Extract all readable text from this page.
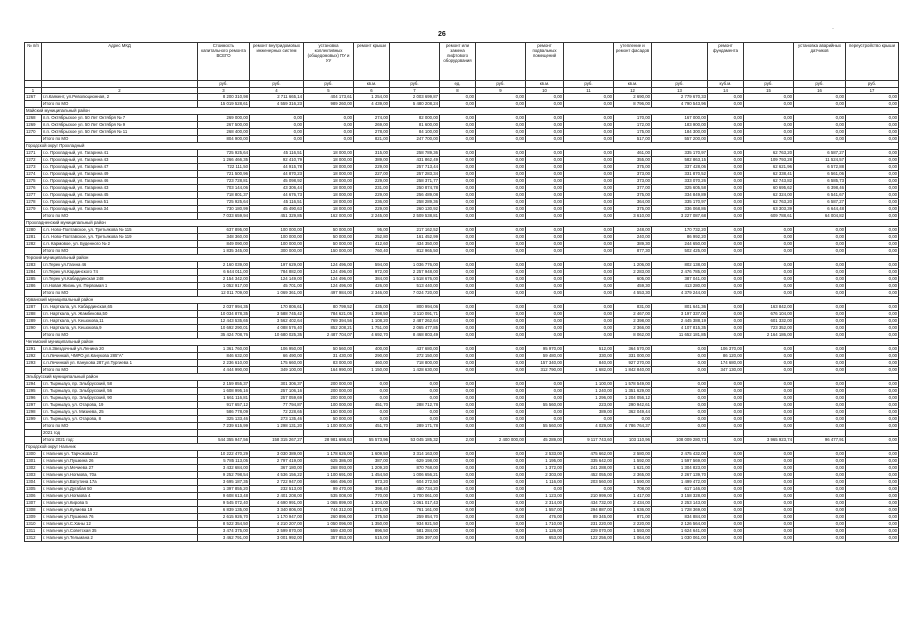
26
·
№ п/п	Адрес МКД	Стоимость капитального ремонта ВСЕГО	ремонт внутридомовых инженерных систем	установка коллективных (общедомовых) ПУ и УУ	ремонт крыши		ремонт или замена лифтового оборудования		ремонт подвальных помещений		утепление и ремонт фасадов		ремонт фундамента		установка аварийных датчиков	переустройство крыши
		руб.	руб.	руб.	кв.м.	руб.	ед.	руб.	кв.м.	руб.	кв.м.	руб.	куб.м.	руб.	руб.	руб.
1	2	3	4	5	6	7	8	9	10	11	12	13	14	15	16	17
1267	г.п.Каякент, ул.Революционная, 2	8 200 310,98	2 711 665,14	404 173,61	1 254,00	2 003 699,87	0,00	0,00	0,00	0,00	2 690,00	2 779 670,33	0,00	0,00	0,00	0,00
	Итого по МО	15 019 528,61	4 559 316,23	989 260,00	4 439,00	5 480 208,24	0,00	0,00	0,00	0,00	8 796,00	4 790 543,96	0,00	0,00	0,00	0,00
Майский муниципальный район																
1268	п.п. Октябрьское ул. 50 Лет Октября № 7	269 000,00	0,00	0,00	274,00	82 000,00	0,00	0,00	0,00	0,00	170,00	167 000,00	0,00	0,00	0,00	0,00
1269	п.п. Октябрьское ул. 50 Лет Октября № 9	267 500,00	0,00	0,00	269,00	81 600,00	0,00	0,00	0,00	0,00	172,00	183 900,00	0,00	0,00	0,00	0,00
1270	п.п. Октябрьское ул. 50 Лет Октября № 11	268 400,00	0,00	0,00	278,00	84 100,00	0,00	0,00	0,00	0,00	175,00	184 300,00	0,00	0,00	0,00	0,00
	Итого по МО	804 900,00	0,00	0,00	821,00	247 700,00	0,00	0,00	0,00	0,00	517,00	557 200,00	0,00	0,00	0,00	0,00
Городской округ Прохладный																
1271	г.о. Прохладный, ул. Гагарина 41	725 925,64	45 116,51	18 000,00	315,00	258 789,36	0,00	0,00	0,00	0,00	461,00	335 170,97	0,00	62 763,20	6 587,27	0,00
1272	г.о. Прохладный, ул. Гагарина 43	1 266 466,35	92 410,79	18 000,00	389,00	431 862,49	0,00	0,00	0,00	0,00	355,00	582 863,15	0,00	109 793,28	11 524,57	0,00
1273	г.о. Прохладный, ул. Гагарина 47	722 111,50	44 915,78	18 000,00	229,00	257 713,44	0,00	0,00	0,00	0,00	375,00	337 428,06	0,00	62 621,96	6 572,88	0,00
1274	г.о. Прохладный, ул. Гагарина 49	721 500,96	44 870,23	18 000,00	227,00	257 283,34	0,00	0,00	0,00	0,00	373,00	331 870,52	0,00	62 338,41	6 561,06	0,00
1275	г.о. Прохладный, ул. Гагарина 46	723 728,81	45 098,92	18 000,00	229,00	258 371,77	0,00	0,00	0,00	0,00	373,00	333 070,26	0,00	62 743,82	6 585,73	0,00
1276	г.о. Прохладный, ул. Гагарина 43	703 144,06	43 306,44	18 000,00	231,00	250 874,78	0,00	0,00	0,00	0,00	377,00	325 605,58	0,00	60 695,62	6 398,46	0,00
1277	г.о. Прохладный, ул. Гагарина 45	718 801,37	44 676,73	18 000,00	229,00	256 489,08	0,00	0,00	0,00	0,00	375,00	334 849,89	0,00	62 324,00	6 541,67	0,00
1278	г.о. Прохладный, ул. Гагарина 51	725 925,64	45 116,51	18 000,00	236,00	258 289,36	0,00	0,00	0,00	0,00	364,00	335 170,97	0,00	62 763,20	6 587,27	0,00
1279	г.о. Прохладный, ул. Гагарина 34	730 180,99	45 490,63	18 000,00	229,00	260 130,92	0,00	0,00	0,00	0,00	375,00	336 068,86	0,00	63 303,39	6 644,48	0,00
	Итого по МО	7 033 659,94	451 329,85	162 000,00	2 245,00	2 509 538,81	0,00	0,00	0,00	0,00	3 610,00	3 227 087,68	0,00	609 788,61	64 004,82	0,00
Прохладненский муниципальный район																
1280	с.п. Ново-Полтавское, ул. Третьякова № 115	637 895,00	100 000,00	50 000,00	95,00	217 162,52	0,00	0,00	0,00	0,00	248,00	170 732,20	0,00	0,00	0,00	0,00
1281	с.п. Ново-Полтавское, ул. Третьякова № 119	348 360,00	100 000,00	50 000,00	252,80	161 452,99	0,00	0,00	0,00	0,00	240,00	86 992,20	0,00	0,00	0,00	0,00
1282	с.п. Кармовое, ул. Буденного № 2	849 090,00	100 000,00	50 000,00	412,60	434 350,00	0,00	0,00	0,00	0,00	389,30	244 650,00	0,00	0,00	0,00	0,00
	Итого по МО	1 835 345,00	300 000,00	150 000,00	760,40	812 965,50	0,00	0,00	0,00	0,00	877,30	502 425,00	0,00	0,00	0,00	0,00
Терский муниципальный район																
1283	г.п.Терек ул.Гагина 46	2 160 039,00	197 629,00	124 496,00	594,00	1 036 776,00	0,00	0,00	0,00	0,00	1 206,00	802 138,00	0,00	0,00	0,00	0,00
1284	г.п.Терек ул.Кардинского 74	6 644 011,00	784 882,00	124 496,00	972,00	2 257 948,00	0,00	0,00	0,00	0,00	2 283,00	2 476 785,00	0,00	0,00	0,00	0,00
1285	г.п.Терек ул.Кабардинская 248	2 154 342,00	124 149,00	124 496,00	384,00	1 518 676,00	0,00	0,00	0,00	0,00	605,00	387 041,00	0,00	0,00	0,00	0,00
1286	г.п.Новая Жизнь ул. Первомая 1	1 052 917,00	45 701,00	124 496,00	426,00	513 440,00	0,00	0,00	0,00	0,00	459,30	413 280,00	0,00	0,00	0,00	0,00
	Итого по МО	12 011 709,00	1 069 361,00	497 984,00	2 346,00	7 024 720,00	0,00	0,00	0,00	0,00	4 553,30	4 379 244,00	0,00	0,00	0,00	0,00
Урванский муниципальный район																
1287	г.п. Нарткала, ул. Кабардинская,65	2 037 994,35	170 806,61	80 799,52	435,00	800 994,06	0,00	0,00	0,00	0,00	831,00	801 641,36	0,00	163 842,00	0,00	0,00
1288	г.п. Нарткала, ул. Жамбекова,50	10 034 878,35	3 588 745,42	784 621,05	1 398,50	3 110 091,71	0,00	0,00	0,00	0,00	2 467,00	3 197 337,00	0,00	676 104,00	0,00	0,00
1289	г.п. Нарткала, ул. Кешокова,11	12 443 535,65	3 562 402,64	769 394,56	1 108,20	2 487 262,64	0,00	0,00	0,00	0,00	2 398,00	2 445 388,19	0,00	601 332,00	0,00	0,00
1290	г.п. Нарткала, ул. Кешокова,9	10 692 290,01	4 088 576,40	852 208,21	1 751,00	2 065 477,85	0,00	0,00	0,00	0,00	2 366,00	4 107 815,35	0,00	723 352,00	0,00	0,00
	Итого по МО	35 424 708,76	10 680 025,35	2 487 704,07	4 692,70	8 468 803,49	0,00	0,00	0,00	0,00	8 062,00	11 652 181,85	0,00	2 164 186,00	0,00	0,00
Чегемский муниципальный район																
1291	г.п.п.Звездочный ул.Ленина 20	1 361 760,00	106 950,00	50 560,00	400,00	437 680,00	0,00	0,00	95 970,00	512,00	364 570,00	0,00	106 370,00	0,00	0,00	0,00
1292	с.п.Лечинкай, ЧМРО,ул.Кануковa 285"А"	846 632,00	66 490,00	31 430,00	290,00	272 150,00	0,00	0,00	59 480,00	330,00	331 000,00	0,00	86 120,00	0,00	0,00	0,00
1293	с.п.Лечинкай ул. Кануковa 287,ул.Тургиева 1	2 236 610,00	175 660,00	83 000,00	460,00	718 800,00	0,00	0,00	157 340,00	840,00	927 270,00	0,00	174 680,00	0,00	0,00	0,00
	Итого по МО	4 444 990,00	349 100,00	164 990,00	1 150,00	1 428 630,00	0,00	0,00	312 790,00	1 682,00	1 842 840,00	0,00	347 130,00	0,00	0,00	0,00
Эльбрусский муниципальный район																
1294	г.п. Тырныауз, пр. Эльбрусский, 58	2 159 855,37	301 306,37	200 000,00	0,00	0,00	0,00	0,00	0,00	1 100,00	1 578 549,00	0,00	0,00	0,00	0,00	0,00
1295	г.п. Тырныауз, пр. Эльбрусский, 56	1 608 995,16	257 106,16	200 000,00	0,00	0,00	0,00	0,00	0,00	1 240,00	1 351 629,00	0,00	0,00	0,00	0,00	0,00
1296	г.п. Тырныауз, пр. Эльбрусский, 90	1 661 116,81	257 059,69	200 000,00	0,00	0,00	0,00	0,00	0,00	1 296,00	1 204 056,12	0,00	0,00	0,00	0,00	0,00
1297	г.п. Тырныауз, ул. Отарова, 19	917 657,12	77 794,87	100 000,00	451,70	288 712,78	0,00	0,00	55 560,00	223,00	290 942,61	0,00	0,00	0,00	0,00	0,00
1298	г.п. Тырныауз, ул. Мизиева, 25	586 778,09	72 228,65	150 000,00	0,00	0,00	0,00	0,00	0,00	389,00	362 049,44	0,00	0,00	0,00	0,00	0,00
1299	г.п. Тырныауз, ул. Отарова, 8	325 133,46	273 135,46	50 000,00	0,00	0,00	0,00	0,00	0,00	0,00	0,00	0,00	0,00	0,00	0,00	0,00
	Итого по МО	7 239 615,99	1 298 131,20	1 100 000,00	451,70	289 171,78	0,00	0,00	55 560,00	4 029,00	4 786 764,37	0,00	0,00	0,00	0,00	0,00
	2021 год															
	Итого 2021 год:	544 355 947,56	158 315 267,27	28 981 698,63	55 573,96	53 045 185,32	2,00	2 400 000,00	45 289,00	9 117 743,60	103 110,96	108 009 280,73	0,00	3 965 923,74	96 477,91	0,00
Городской округ Нальчик																
1300	г. Нальчик ул. Тарчокова 22	10 222 470,29	3 030 389,00	1 178 626,00	1 609,50	3 314 163,00	0,00	0,00	2 533,00	475 662,00	2 580,00	2 475 432,00	0,00	0,00	0,00	0,00
1301	г. Нальчик ул.Пушкина 26	5 785 113,05	2 797 419,00	625 386,00	387,00	629 198,00	0,00	0,00	1 195,00	335 642,00	1 592,00	1 597 569,00	0,00	0,00	0,00	0,00
1302	г. Нальчик ул.Мечиева 27	3 432 684,00	367 180,00	268 093,00	1 209,20	870 768,00	0,00	0,00	1 372,00	241 288,00	1 621,00	1 304 823,00	0,00	0,00	0,00	0,00
1303	г. Нальчик ул.Ногмова, 70а	9 252 798,54	4 536 156,22	1 100 691,00	1 454,50	1 006 656,21	0,00	0,00	2 303,00	452 055,00	2 365,00	2 267 139,70	0,00	0,00	0,00	0,00
1304	г. Нальчик ул.Ватутина 17а	3 695 187,35	2 722 947,00	666 496,00	873,20	604 272,50	0,00	0,00	1 116,00	203 560,00	1 590,00	1 499 472,00	0,00	0,00	0,00	0,00
1305	г. Нальчик ул.Дугабая 50	1 397 855,20	232 513,00	99 470,00	398,40	450 734,20	0,00	0,00	0,00	0,00	708,00	617 146,00	0,00	0,00	0,00	0,00
1306	г. Нальчик ул.Ногмова 4	9 608 613,48	2 401 208,00	535 008,00	770,00	1 700 061,00	0,00	0,00	1 123,00	210 999,00	1 417,00	3 158 328,00	0,00	0,00	0,00	0,00
1307	г. Нальчик ул.Кирова 5	9 545 072,40	4 690 991,00	1 065 899,00	1 304,00	1 061 017,43	0,00	0,00	2 314,00	434 732,00	2 434,00	2 253 143,00	0,00	0,00	0,00	0,00
1308	г. Нальчик ул.Кулиева 19	6 839 135,00	3 340 806,00	744 312,00	1 071,00	761 161,00	0,00	0,00	1 557,00	294 887,00	1 636,00	1 728 369,00	0,00	0,00	0,00	0,00
1309	г. Нальчик ул.Пушкина 76	2 615 926,70	1 170 947,00	260 896,00	375,50	259 854,70	0,00	0,00	476,00	89 345,00	871,00	834 884,00	0,00	0,00	0,00	0,00
1310	г. Нальчик ул.С.Ханы 12	8 522 354,50	4 210 207,00	1 050 096,00	1 350,00	934 921,50	0,00	0,00	1 710,00	231 220,00	2 220,00	2 126 564,00	0,00	0,00	0,00	0,00
1311	г. Нальчик ул.Советская 35	3 474 375,00	2 599 870,00	559 430,00	896,50	581 284,00	0,00	0,00	1 126,00	229 070,00	1 593,00	1 624 641,00	0,00	0,00	0,00	0,00
1312	г. Нальчик ул.Тельмана 2	3 462 791,00	3 001 992,00	357 853,00	515,00	206 397,00	0,00	0,00	653,00	122 256,00	1 064,00	1 030 061,00	0,00	0,00	0,00	0,00
